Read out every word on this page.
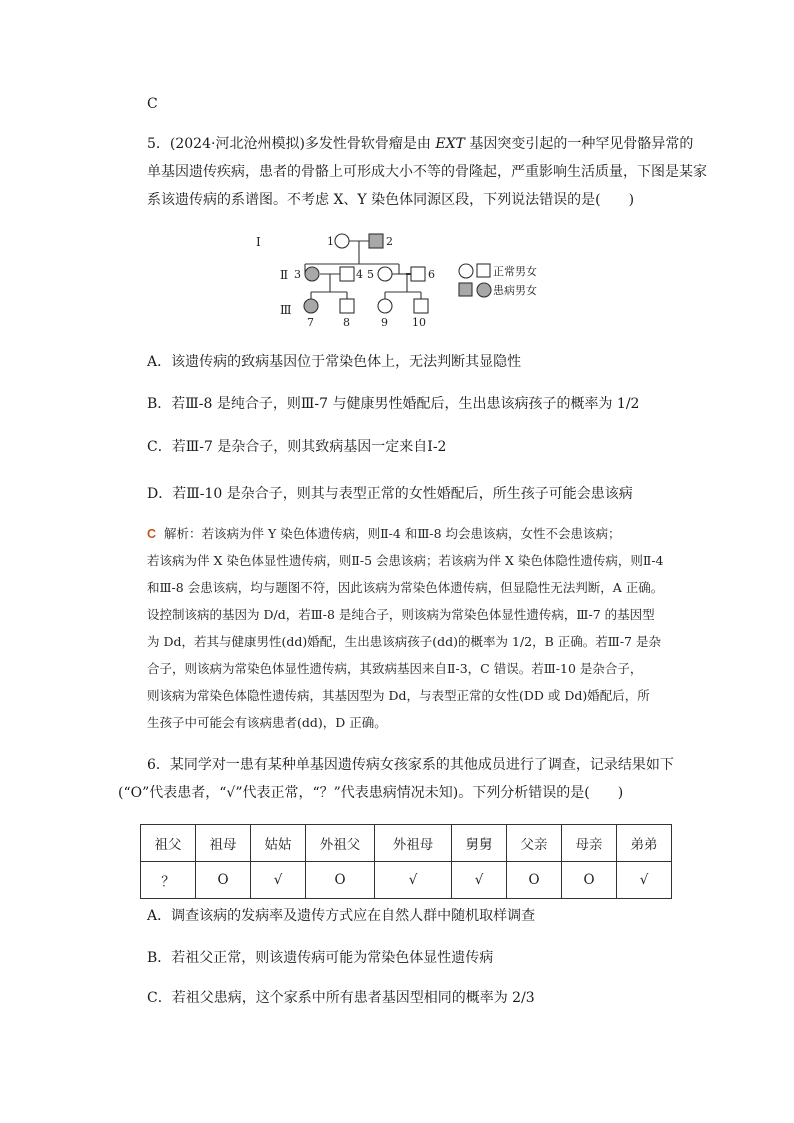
C
5．(2024·河北沧州模拟)多发性骨软骨瘤是由 EXT 基因突变引起的一种罕见骨骼异常的
单基因遗传疾病，患者的骨骼上可形成大小不等的骨隆起，严重影响生活质量，下图是某家
系该遗传病的系谱图。不考虑 X、Y 染色体同源区段，下列说法错误的是(　　)
Ⅰ
Ⅱ
Ⅲ
1	2
3	4 5	6
7	8	9 10
正常男女
患病男女
A．该遗传病的致病基因位于常染色体上，无法判断其显隐性
B．若Ⅲ-8 是纯合子，则Ⅲ-7 与健康男性婚配后，生出患该病孩子的概率为 1/2
C．若Ⅲ-7 是杂合子，则其致病基因一定来自Ⅰ-2
D．若Ⅲ-10 是杂合子，则其与表型正常的女性婚配后，所生孩子可能会患该病
C 解析：若该病为伴 Y 染色体遗传病，则Ⅱ-4 和Ⅲ-8 均会患该病，女性不会患该病；
若该病为伴 X 染色体显性遗传病，则Ⅱ-5 会患该病；若该病为伴 X 染色体隐性遗传病，则Ⅱ-4
和Ⅲ-8 会患该病，均与题图不符，因此该病为常染色体遗传病，但显隐性无法判断，A 正确。
设控制该病的基因为 D/d，若Ⅲ-8 是纯合子，则该病为常染色体显性遗传病，Ⅲ-7 的基因型
为 Dd，若其与健康男性(dd)婚配，生出患该病孩子(dd)的概率为 1/2，B 正确。若Ⅲ-7 是杂
合子，则该病为常染色体显性遗传病，其致病基因来自Ⅱ-3，C 错误。若Ⅲ-10 是杂合子，
则该病为常染色体隐性遗传病，其基因型为 Dd，与表型正常的女性(DD 或 Dd)婚配后，所
生孩子中可能会有该病患者(dd)，D 正确。
6．某同学对一患有某种单基因遗传病女孩家系的其他成员进行了调查，记录结果如下
(“O”代表患者，“√”代表正常，“？”代表患病情况未知)。下列分析错误的是(　　)
祖父	祖母	姑姑	外祖父	外祖母	舅舅	父亲	母亲	弟弟
？	O	√	O	√	√	O	O	√
A．调查该病的发病率及遗传方式应在自然人群中随机取样调查
B．若祖父正常，则该遗传病可能为常染色体显性遗传病
C．若祖父患病，这个家系中所有患者基因型相同的概率为 2/3
